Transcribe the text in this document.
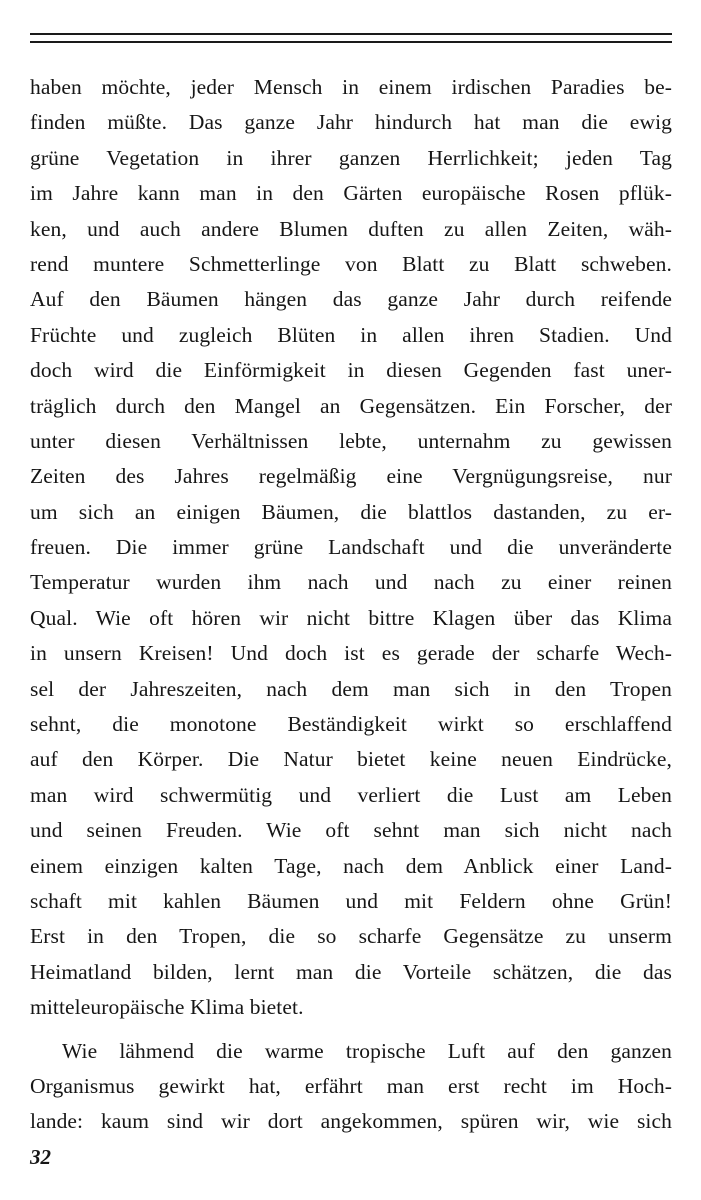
haben möchte, jeder Mensch in einem irdischen Paradies be-
finden müßte. Das ganze Jahr hindurch hat man die ewig
grüne Vegetation in ihrer ganzen Herrlichkeit; jeden Tag
im Jahre kann man in den Gärten europäische Rosen pflük-
ken, und auch andere Blumen duften zu allen Zeiten, wäh-
rend muntere Schmetterlinge von Blatt zu Blatt schweben.
Auf den Bäumen hängen das ganze Jahr durch reifende
Früchte und zugleich Blüten in allen ihren Stadien. Und
doch wird die Einförmigkeit in diesen Gegenden fast uner-
träglich durch den Mangel an Gegensätzen. Ein Forscher, der
unter diesen Verhältnissen lebte, unternahm zu gewissen
Zeiten des Jahres regelmäßig eine Vergnügungsreise, nur
um sich an einigen Bäumen, die blattlos dastanden, zu er-
freuen. Die immer grüne Landschaft und die unveränderte
Temperatur wurden ihm nach und nach zu einer reinen
Qual. Wie oft hören wir nicht bittre Klagen über das Klima
in unsern Kreisen! Und doch ist es gerade der scharfe Wech-
sel der Jahreszeiten, nach dem man sich in den Tropen
sehnt, die monotone Beständigkeit wirkt so erschlaffend
auf den Körper. Die Natur bietet keine neuen Eindrücke,
man wird schwermütig und verliert die Lust am Leben
und seinen Freuden. Wie oft sehnt man sich nicht nach
einem einzigen kalten Tage, nach dem Anblick einer Land-
schaft mit kahlen Bäumen und mit Feldern ohne Grün!
Erst in den Tropen, die so scharfe Gegensätze zu unserm
Heimatland bilden, lernt man die Vorteile schätzen, die das
mitteleuropäische Klima bietet.
Wie lähmend die warme tropische Luft auf den ganzen
Organismus gewirkt hat, erfährt man erst recht im Hoch-
lande: kaum sind wir dort angekommen, spüren wir, wie sich
32
